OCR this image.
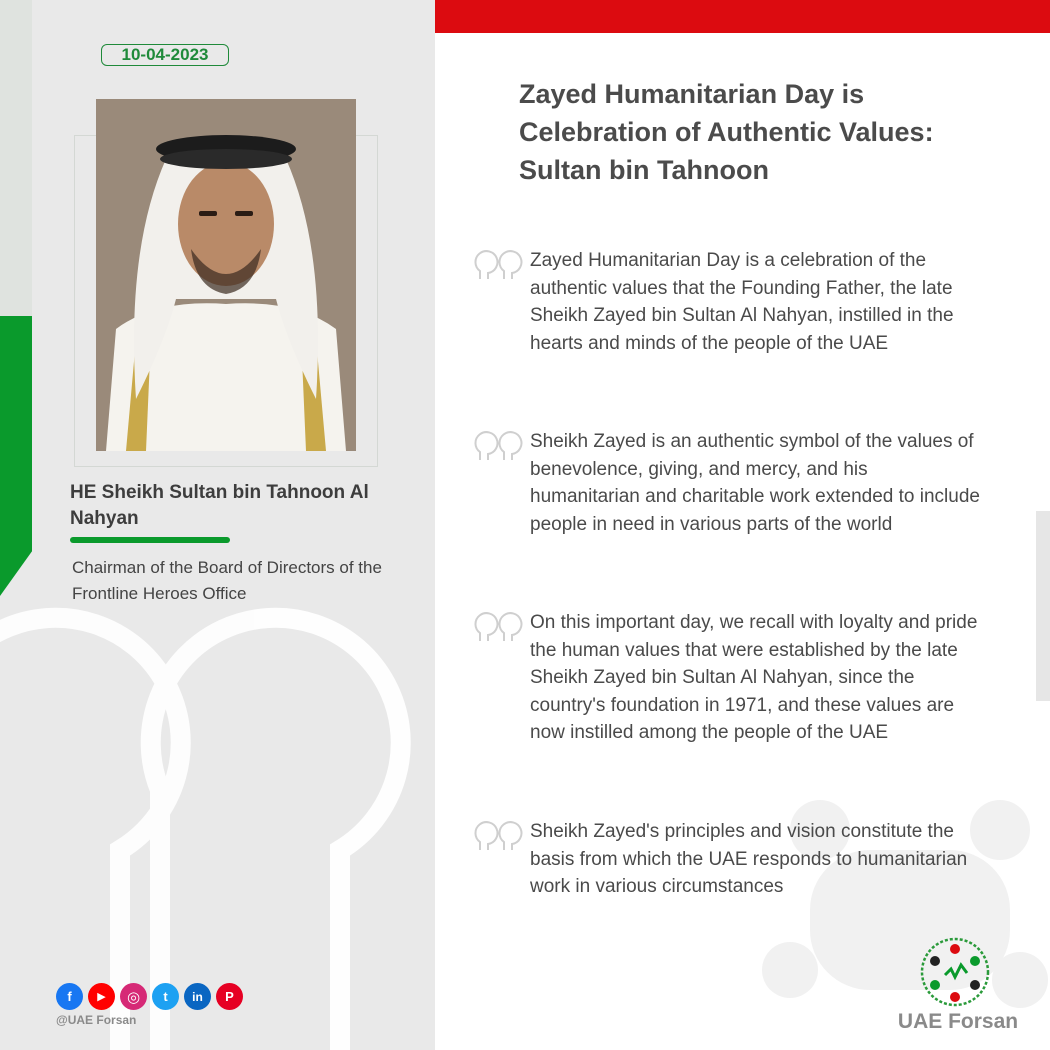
10-04-2023
HE Sheikh Sultan bin Tahnoon Al Nahyan
Chairman of the Board of Directors of the Frontline Heroes Office
f	▶	◎	t	in	P
@UAE Forsan
Zayed Humanitarian Day is Celebration of Authentic Values: Sultan bin Tahnoon
Zayed Humanitarian Day is a celebration of the authentic values that the Founding Father, the late Sheikh Zayed bin Sultan Al Nahyan, instilled in the hearts and minds of the people of the UAE
Sheikh Zayed is an authentic symbol of the values of benevolence, giving, and mercy, and his humanitarian and charitable work extended to include people in need in various parts of the world
On this important day, we recall with loyalty and pride the human values that were established by the late Sheikh Zayed bin Sultan Al Nahyan, since the country's foundation in 1971, and these values are now instilled among the people of the UAE
Sheikh Zayed's principles and vision constitute the basis from which the UAE responds to humanitarian work in various circumstances
UAE Forsan
